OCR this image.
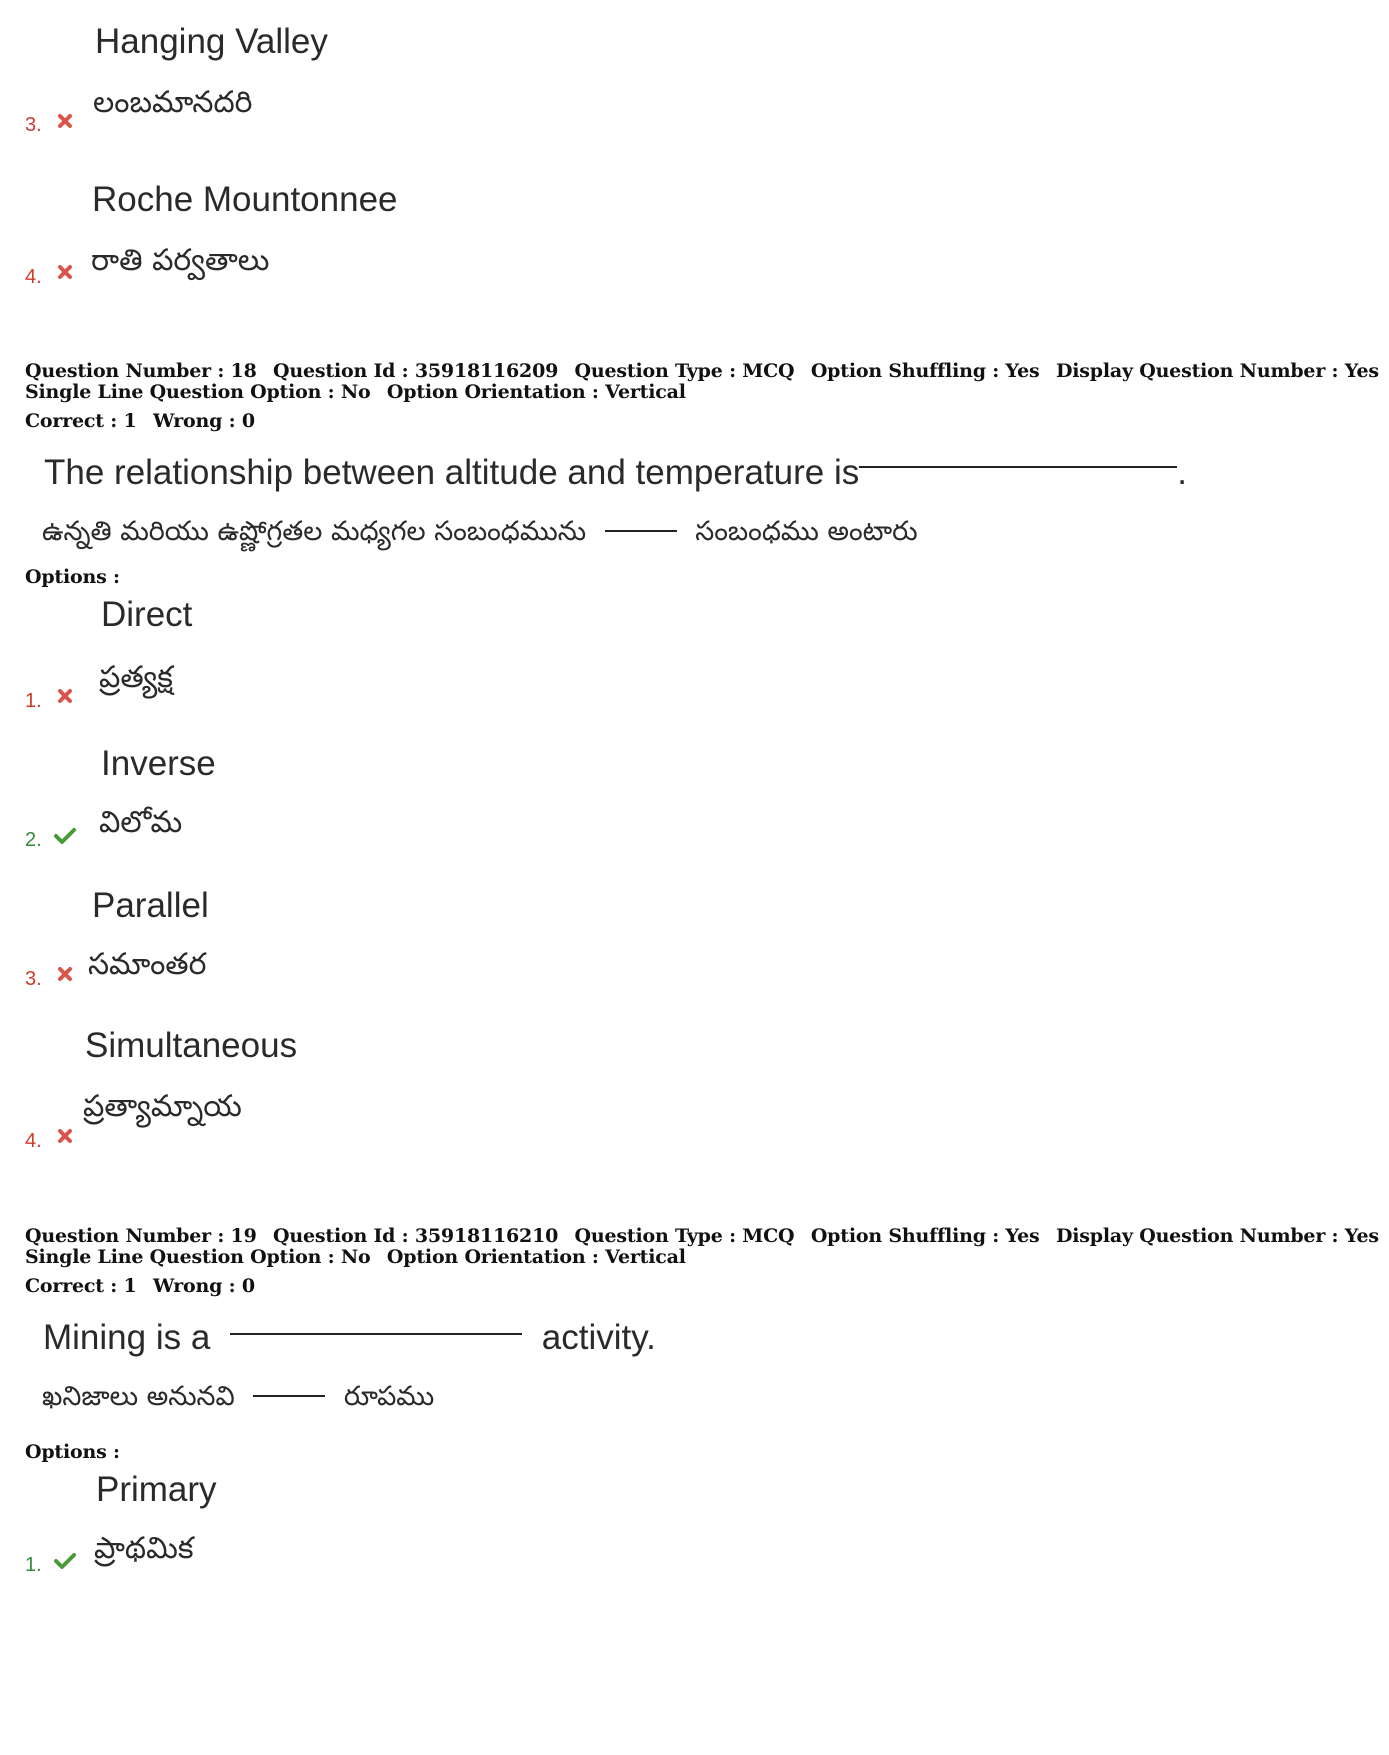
Hanging Valley
లంబమానదరి
3.
Roche Mountonnee
రాతి పర్వతాలు
4.
Question Number : 18 Question Id : 35918116209 Question Type : MCQ Option Shuffling : Yes Display Question Number : Yes
Single Line Question Option : No Option Orientation : Vertical
Correct : 1 Wrong : 0
The relationship between altitude and temperature is	.
ఉన్నతి మరియు ఉష్ణోగ్రతల మధ్యగల సంబంధమును	సంబంధము అంటారు
Options :
Direct
ప్రత్యక్ష
1.
Inverse
విలోమ
2.
Parallel
సమాంతర
3.
Simultaneous
ప్రత్యామ్నాయ
4.
Question Number : 19 Question Id : 35918116210 Question Type : MCQ Option Shuffling : Yes Display Question Number : Yes
Single Line Question Option : No Option Orientation : Vertical
Correct : 1 Wrong : 0
Mining is a	activity.
ఖనిజాలు అనునవి	రూపము
Options :
Primary
ప్రాథమిక
1.
